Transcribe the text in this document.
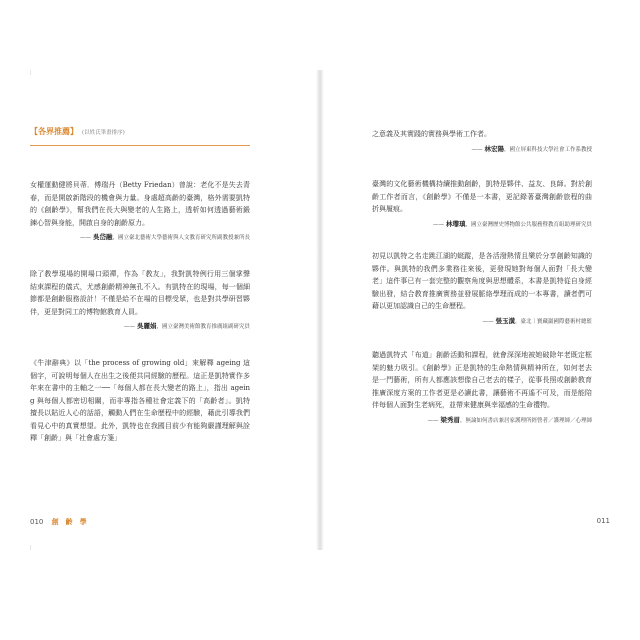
【各界推薦】 (以姓氏筆畫排序)

女權運動健將貝蒂．傅瑞丹（Betty Friedan）曾說：老化不是失去青春，而是開啟新階段的機會與力量。身處超高齡的臺灣，格外需要凱特的《創齡學》，幫我們在長大與變老的人生路上，透析如何透過藝術鍛鍊心智與身能，開啟自身的創齡原力。

—— 吳岱融，國立臺北藝術大學藝術與人文教育研究所副教授兼所長

除了教學現場的開場口頭禪，作為「教友」，我對凱特例行用三個掌聲結束課程的儀式，尤感創齡精神無孔不入。有凱特在的現場，每一個細節都是創齡服務設計！不僅是給不在場的目標受眾，也是對共學研習夥伴，更是對同工的博物館教育人員。

—— 吳麗娟，國立臺灣美術館教育推廣組副研究員

《牛津辭典》以「the process of growing old」來解釋 ageing 這個字，可說明每個人在出生之後便共同經驗的歷程。這正是凱特實作多年來在書中的主軸之一──「每個人都在長大變老的路上」，指出 ageing 與每個人都密切相關，而非專指各種社會定義下的「高齡者」。凱特擅長以貼近人心的話語，觸動人們在生命歷程中的經驗，藉此引導我們看見心中的真實想望。此外，凱特也在我國目前少有能夠嚴謹理解與詮釋「創齡」與「社會處方箋」

010 創　齡　學

之意義及其實踐的實務與學術工作者。

—— 林宏陽，國立屏東科技大學社會工作系教授

臺灣的文化藝術機構持續推動創齡，凱特是夥伴、益友、良師。對於創齡工作者而言，《創齡學》不僅是一本書，更記錄著臺灣創齡旅程的曲折與履痕。

—— 林瓈瑱，國立臺灣歷史博物館公共服務暨教育組助理研究員

初見以凱特之名走跳江湖的蜓蹤，是各活潑熱情且樂於分享創齡知識的夥伴。與凱特的我們多業務往來後，更發現她對每個人面對「長大變老」這件事已有一套完整的觀察角度與思想體系，本書是凱特從自身經驗出發，結合教育推廣實務並發展脈絡學理而成的一本專書，讀者們可藉以更加認識自己的生命歷程。

—— 張玉潢，臺北｜寶藏巖國際藝術村總監

聽過凱特式「布道」創齡活動和課程，就會深深地被她破除年老既定框架的魅力吸引。《創齡學》正是凱特的生命熱情與精神所在，如何老去是一門藝術，所有人都應該想像自己老去的樣子，從事長照或創齡教育推廣深度方案的工作者更是必讀此書，讓藝術不再遙不可及，而是能陪伴每個人面對生老病死，並帶來健康與幸福感的生命禮物。

—— 梁秀眉，無論如何書店兼居家護理所經營者／護理師／心理師
011
